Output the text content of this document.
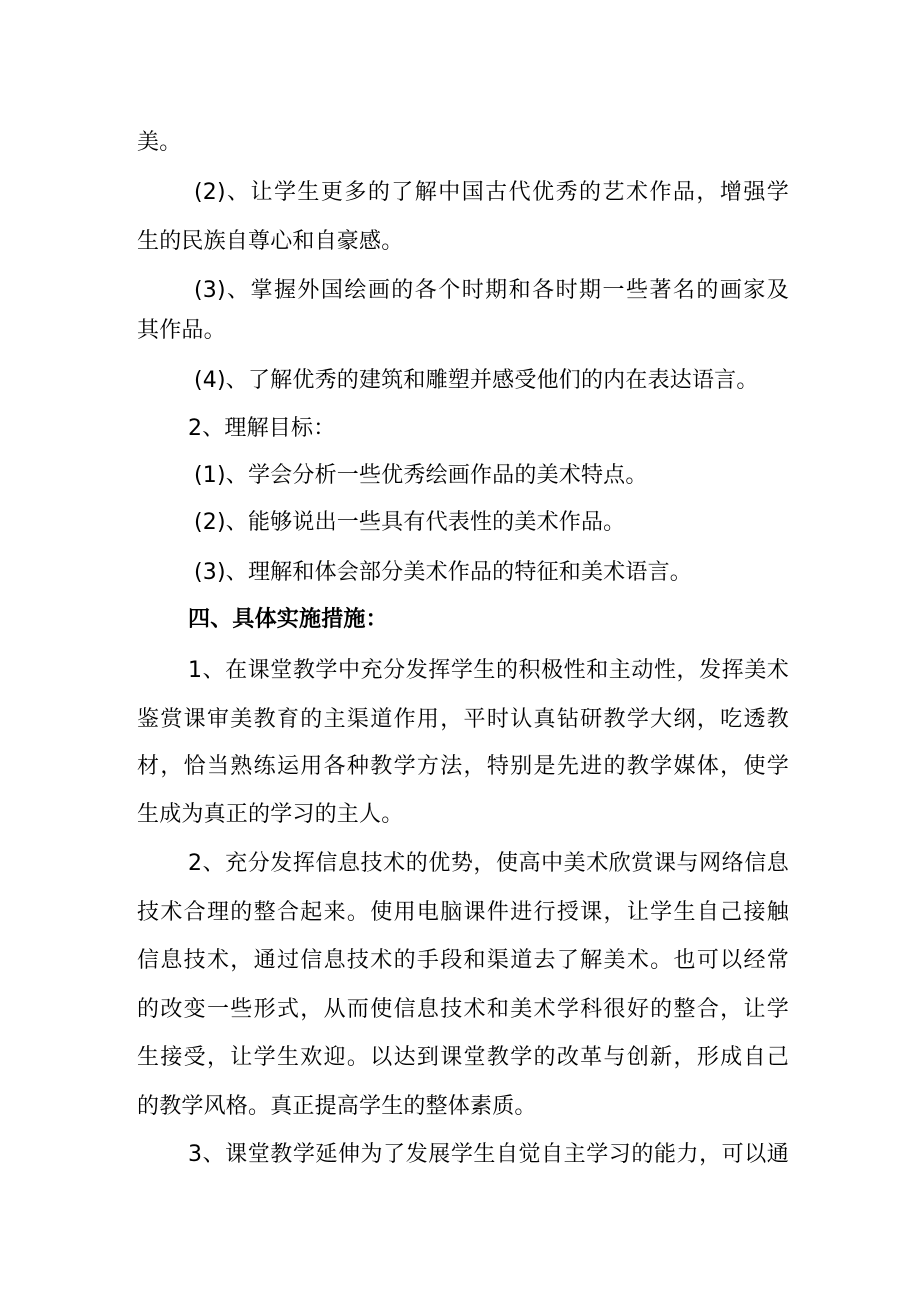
美。
(2)、让学生更多的了解中国古代优秀的艺术作品，增强学
生的民族自尊心和自豪感。
(3)、掌握外国绘画的各个时期和各时期一些著名的画家及
其作品。
(4)、了解优秀的建筑和雕塑并感受他们的内在表达语言。
2、理解目标：
(1)、学会分析一些优秀绘画作品的美术特点。
(2)、能够说出一些具有代表性的美术作品。
(3)、理解和体会部分美术作品的特征和美术语言。
四、具体实施措施：
1、在课堂教学中充分发挥学生的积极性和主动性，发挥美术
鉴赏课审美教育的主渠道作用，平时认真钻研教学大纲，吃透教
材，恰当熟练运用各种教学方法，特别是先进的教学媒体，使学
生成为真正的学习的主人。
2、充分发挥信息技术的优势，使高中美术欣赏课与网络信息
技术合理的整合起来。使用电脑课件进行授课，让学生自己接触
信息技术，通过信息技术的手段和渠道去了解美术。也可以经常
的改变一些形式，从而使信息技术和美术学科很好的整合，让学
生接受，让学生欢迎。以达到课堂教学的改革与创新，形成自己
的教学风格。真正提高学生的整体素质。
3、课堂教学延伸为了发展学生自觉自主学习的能力，可以通
